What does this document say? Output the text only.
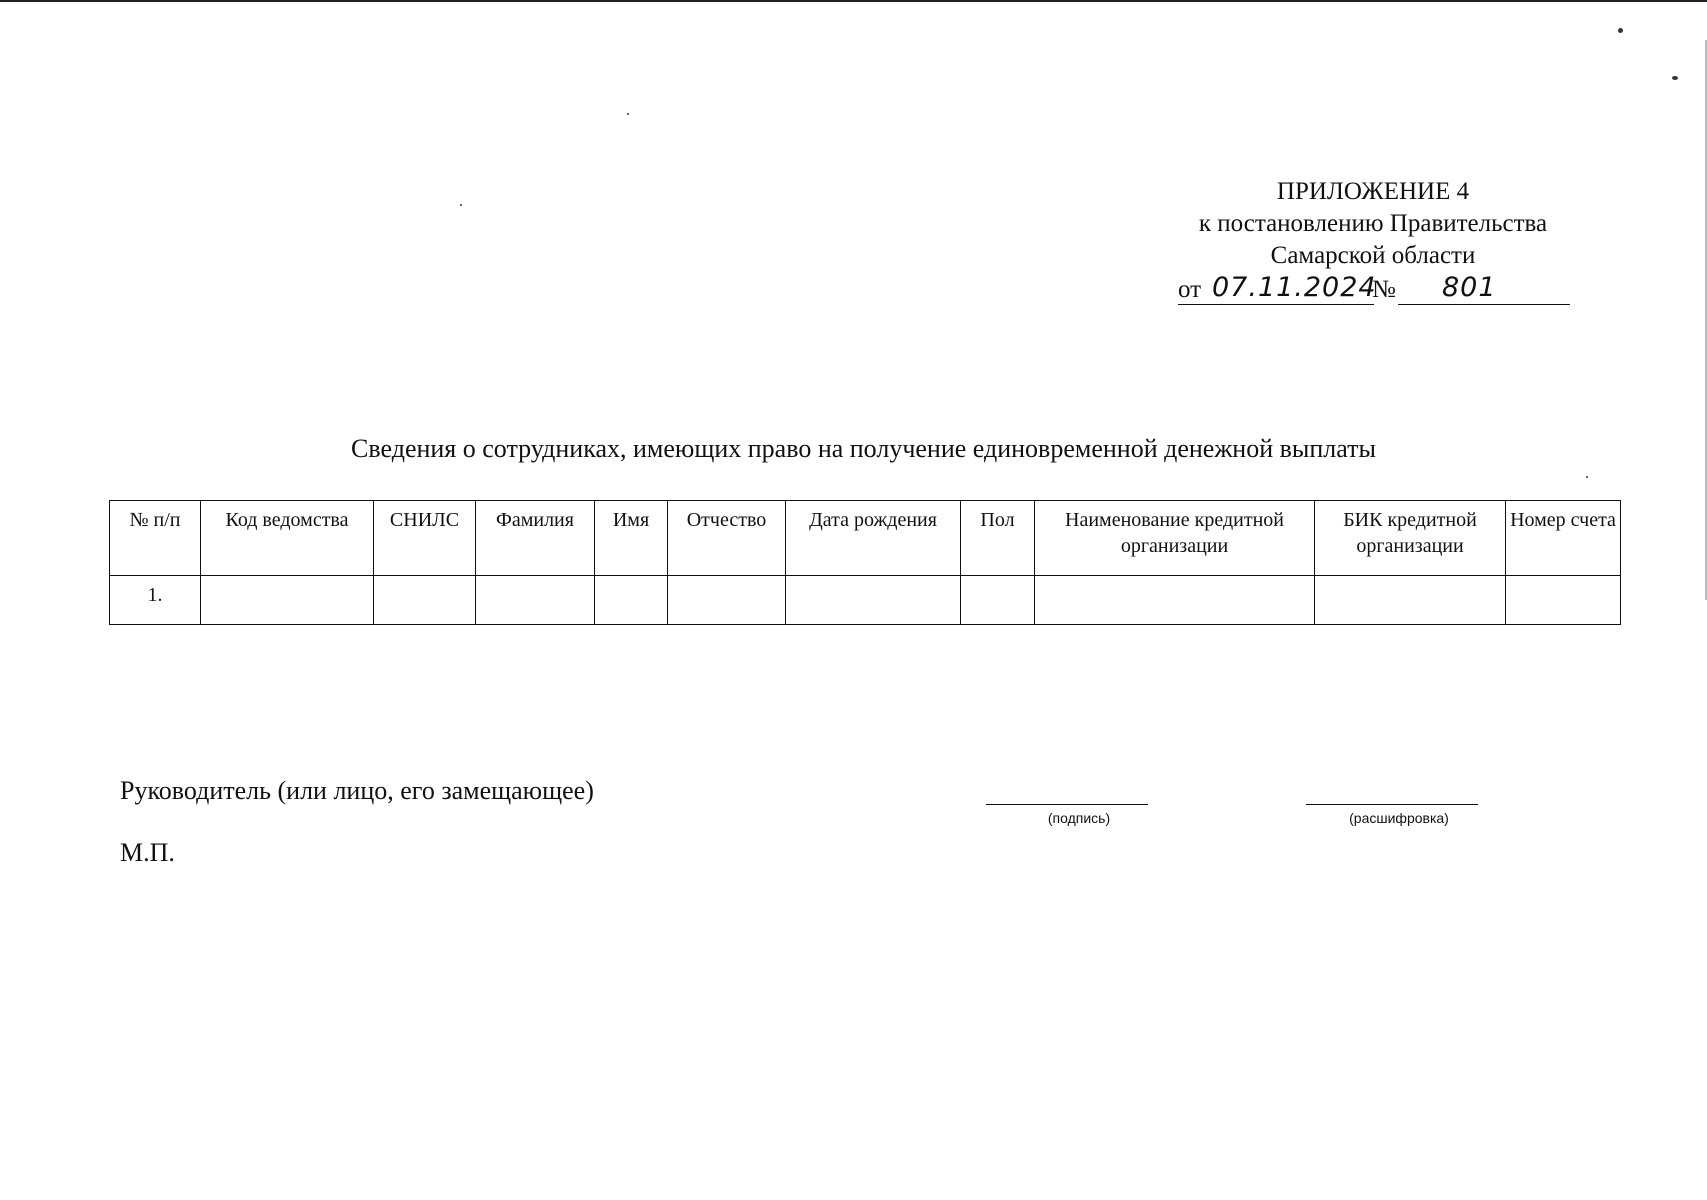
ПРИЛОЖЕНИЕ 4
к постановлению Правительства
Самарской области
от 07.11.2024
№ 801
Сведения о сотрудниках, имеющих право на получение единовременной денежной выплаты
№ п/п	Код ведомства	СНИЛС	Фамилия	Имя	Отчество	Дата рождения	Пол	Наименование кредитной организации	БИК кредитной организации	Номер счета
1.										
Руководитель (или лицо, его замещающее)
(подпись)	(расшифровка)
М.П.
